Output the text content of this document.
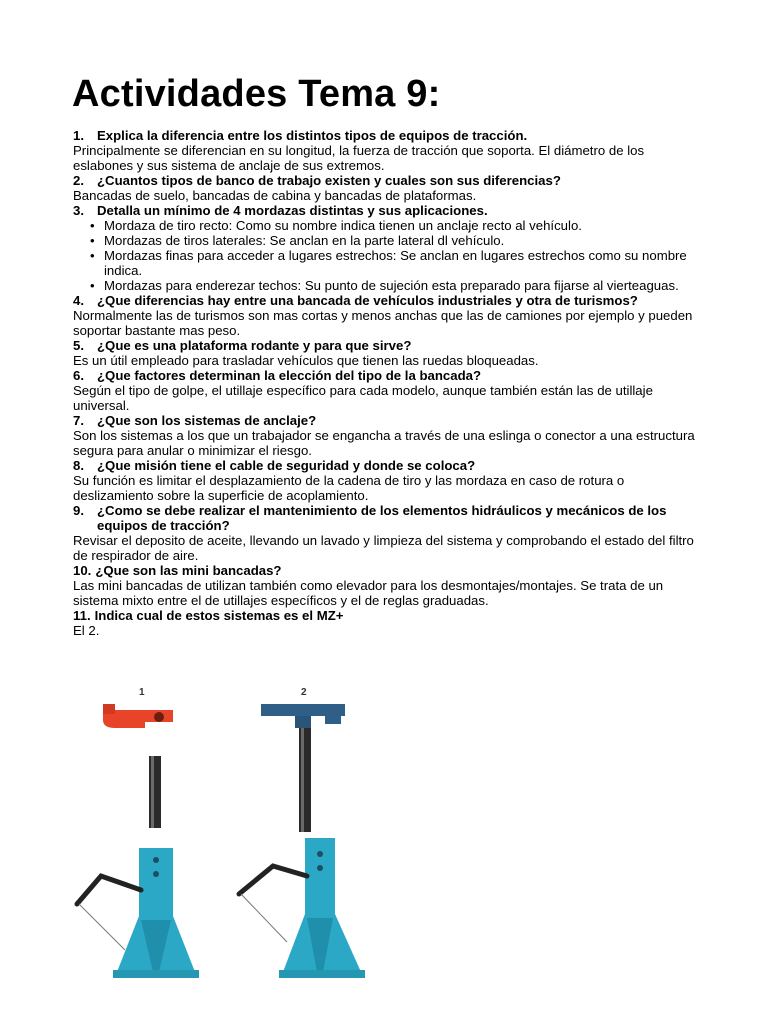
Actividades Tema 9:
1. Explica la diferencia entre los distintos tipos de equipos de tracción.
Principalmente se diferencian en su longitud, la fuerza de tracción que soporta. El diámetro de los eslabones y sus sistema de anclaje de sus extremos.
2. ¿Cuantos tipos de banco de trabajo existen y cuales son sus diferencias?
Bancadas de suelo, bancadas de cabina y bancadas de plataformas.
3. Detalla un mínimo de 4 mordazas distintas y sus aplicaciones.
• Mordaza de tiro recto: Como su nombre indica tienen un anclaje recto al vehículo.
• Mordazas de tiros laterales: Se anclan en la parte lateral dl vehículo.
• Mordazas finas para acceder a lugares estrechos: Se anclan en lugares estrechos como su nombre indica.
• Mordazas para enderezar techos: Su punto de sujeción esta preparado para fijarse al vierteaguas.
4. ¿Que diferencias hay entre una bancada de vehículos industriales y otra de turismos?
Normalmente las de turismos son mas cortas y menos anchas que las de camiones por ejemplo y pueden soportar bastante mas peso.
5. ¿Que es una plataforma rodante y para que sirve?
Es un útil empleado para trasladar vehículos que tienen las ruedas bloqueadas.
6. ¿Que factores determinan la elección del tipo de la bancada?
Según el tipo de golpe, el utillaje específico para cada modelo, aunque también están las de utillaje universal.
7. ¿Que son los sistemas de anclaje?
Son los sistemas a los que un trabajador se engancha a través de una eslinga o conector a una estructura segura para anular o minimizar el riesgo.
8. ¿Que misión tiene el cable de seguridad y donde se coloca?
Su función es limitar el desplazamiento de la cadena de tiro y las mordaza en caso de rotura o deslizamiento sobre la superficie de acoplamiento.
9. ¿Como se debe realizar el mantenimiento de los elementos hidráulicos y mecánicos de los equipos de tracción?
Revisar el deposito de aceite, llevando un lavado y limpieza del sistema y comprobando el estado del filtro de respirador de aire.
10. ¿Que son las mini bancadas?
Las mini bancadas de utilizan también como elevador para los desmontajes/montajes. Se trata de un sistema mixto entre el de utillajes específicos y el de reglas graduadas.
11. Indica cual de estos sistemas es el MZ+
El 2.
1	2
